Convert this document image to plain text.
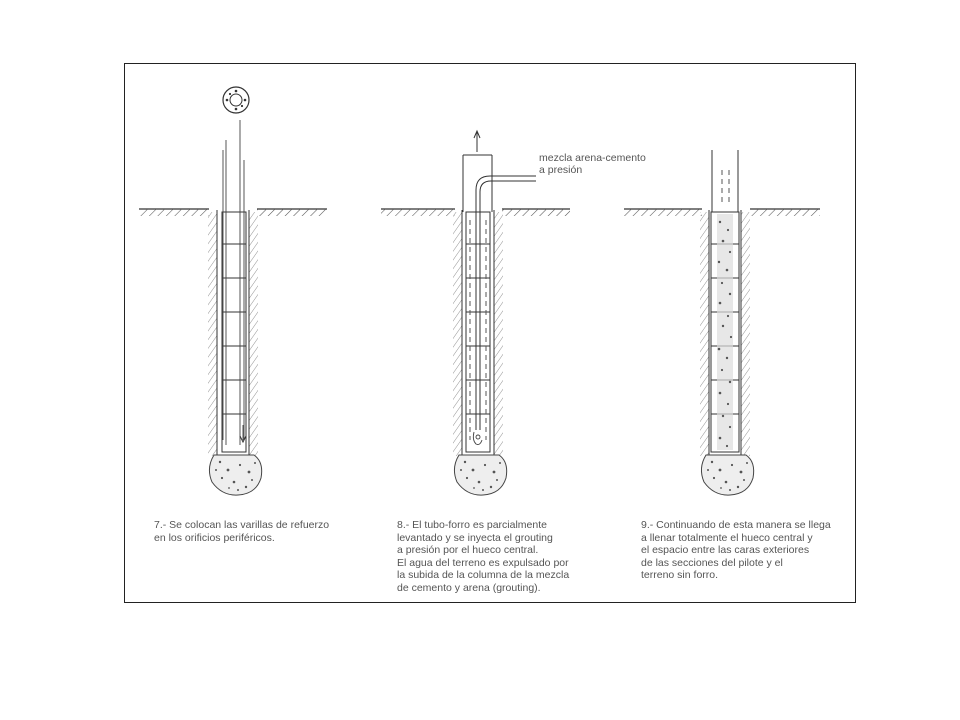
mezcla arena-cemento
a presión
7.- Se colocan las varillas de refuerzo
en los orificios periféricos.
8.- El tubo-forro es parcialmente
levantado y se inyecta el grouting
a presión por el hueco central.
El agua del terreno es expulsado por
la subida de la columna de la mezcla
de cemento y arena (grouting).
9.- Continuando de esta manera se llega
a llenar totalmente el hueco central y
el espacio entre las caras exteriores
de las secciones del pilote y el
terreno sin forro.
